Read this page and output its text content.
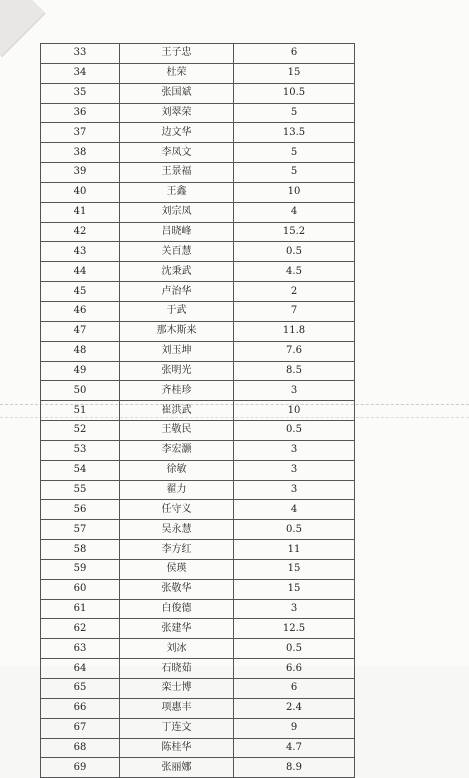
33	王子忠	6
34	杜荣	15
35	张国斌	10.5
36	刘翠荣	5
37	边文华	13.5
38	李凤文	5
39	王景福	5
40	王鑫	10
41	刘宗凤	4
42	吕晓峰	15.2
43	关百慧	0.5
44	沈秉武	4.5
45	卢治华	2
46	于武	7
47	那木斯来	11.8
48	刘玉坤	7.6
49	张明光	8.5
50	齐桂珍	3
51	崔洪武	10
52	王敬民	0.5
53	李宏灏	3
54	徐敏	3
55	翟力	3
56	任守义	4
57	吴永慧	0.5
58	李方红	11
59	侯瑛	15
60	张敬华	15
61	白俊德	3
62	张建华	12.5
63	刘冰	0.5
64	石晓茹	6.6
65	栾士博	6
66	项惠丰	2.4
67	丁连文	9
68	陈桂华	4.7
69	张丽娜	8.9
